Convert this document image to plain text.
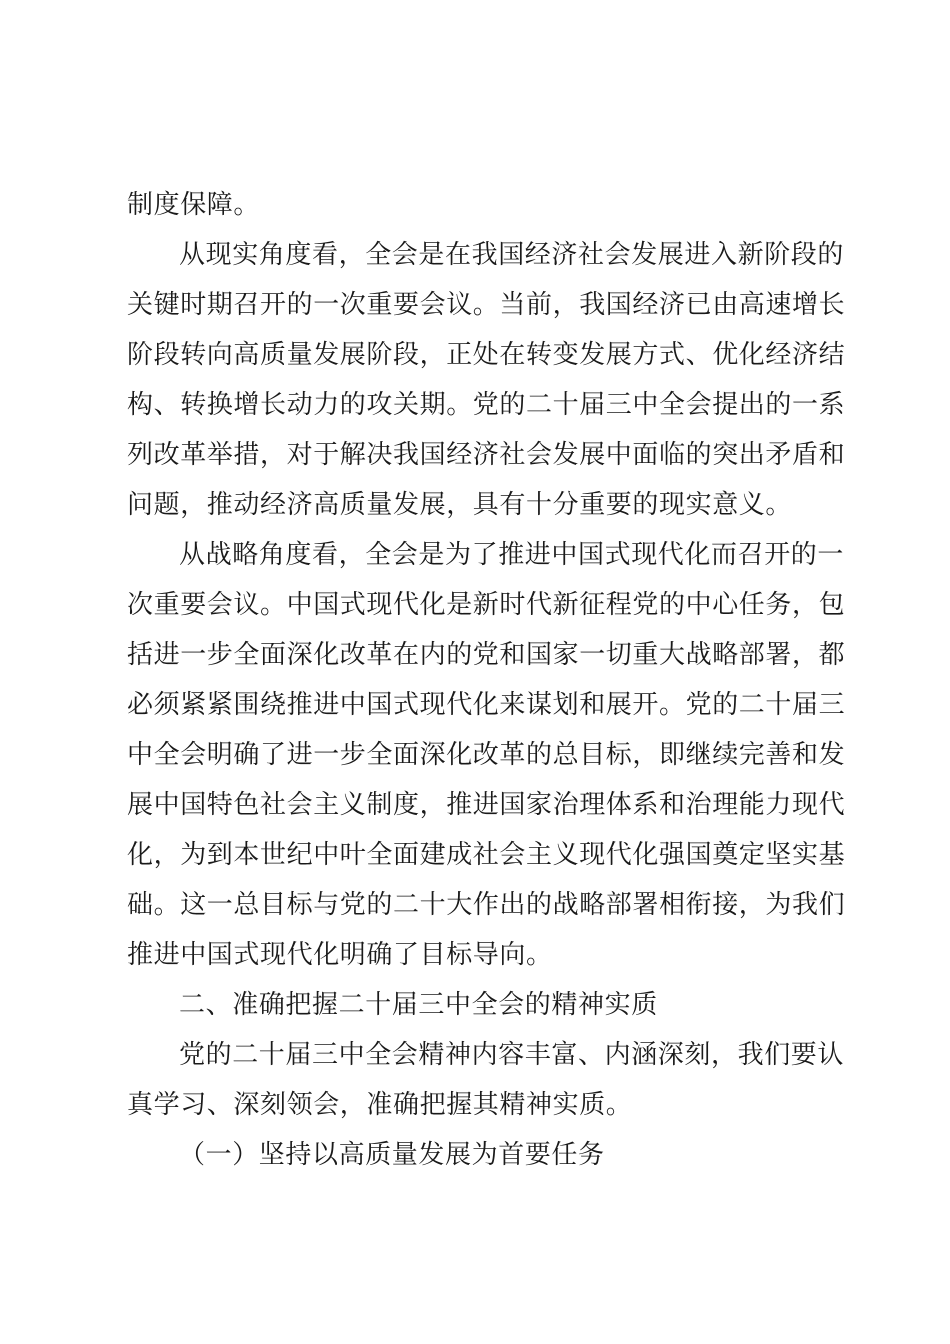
制度保障。
从现实角度看，全会是在我国经济社会发展进入新阶段的
关键时期召开的一次重要会议。当前，我国经济已由高速增长
阶段转向高质量发展阶段，正处在转变发展方式、优化经济结
构、转换增长动力的攻关期。党的二十届三中全会提出的一系
列改革举措，对于解决我国经济社会发展中面临的突出矛盾和
问题，推动经济高质量发展，具有十分重要的现实意义。
从战略角度看，全会是为了推进中国式现代化而召开的一
次重要会议。中国式现代化是新时代新征程党的中心任务，包
括进一步全面深化改革在内的党和国家一切重大战略部署，都
必须紧紧围绕推进中国式现代化来谋划和展开。党的二十届三
中全会明确了进一步全面深化改革的总目标，即继续完善和发
展中国特色社会主义制度，推进国家治理体系和治理能力现代
化，为到本世纪中叶全面建成社会主义现代化强国奠定坚实基
础。这一总目标与党的二十大作出的战略部署相衔接，为我们
推进中国式现代化明确了目标导向。
二、准确把握二十届三中全会的精神实质
党的二十届三中全会精神内容丰富、内涵深刻，我们要认
真学习、深刻领会，准确把握其精神实质。
（一）坚持以高质量发展为首要任务
